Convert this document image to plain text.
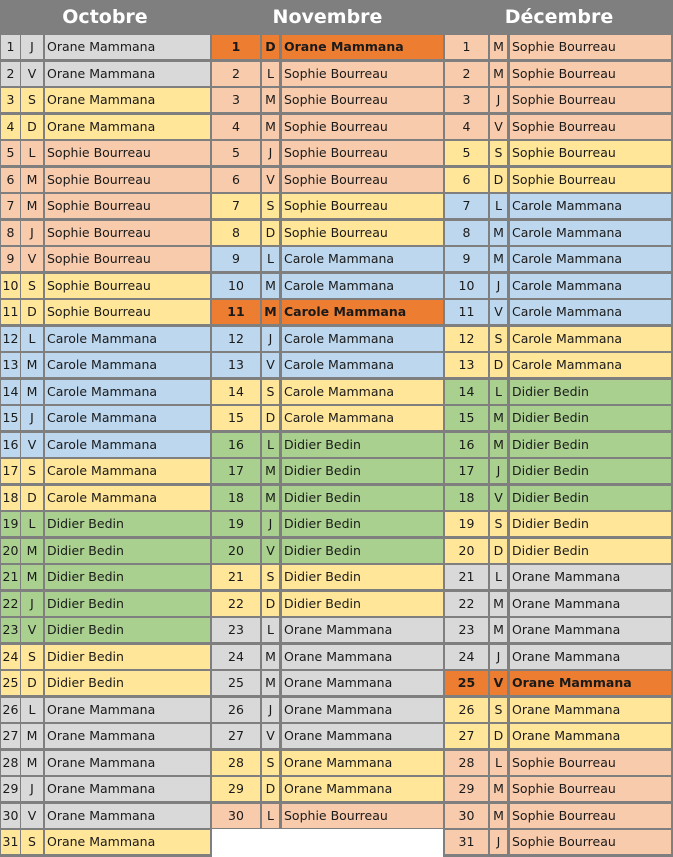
Octobre	Novembre	Décembre
1	J	Orane Mammana
2	V Orane Mammana
3	S Orane Mammana
4	D Orane Mammana
5	L Sophie Bourreau
6 M Sophie Bourreau
7 M Sophie Bourreau
8	J	Sophie Bourreau
9	V Sophie Bourreau
10 S Sophie Bourreau
11 D Sophie Bourreau
12 L Carole Mammana
13 M Carole Mammana
14 M Carole Mammana
15 J	Carole Mammana
16 V Carole Mammana
17 S Carole Mammana
18 D Carole Mammana
19 L Didier Bedin
20 M Didier Bedin
21 M Didier Bedin
22 J	Didier Bedin
23 V Didier Bedin
24 S Didier Bedin
25 D Didier Bedin
26 L Orane Mammana
27 M Orane Mammana
28 M Orane Mammana
29 J	Orane Mammana
30 V Orane Mammana
31 S Orane Mammana
1	D Orane Mammana
2	L Sophie Bourreau
3	M Sophie Bourreau
4	M Sophie Bourreau
5	J Sophie Bourreau
6	V Sophie Bourreau
7	S Sophie Bourreau
8	D Sophie Bourreau
9	L Carole Mammana
10	M Carole Mammana
11	M Carole Mammana
12	J Carole Mammana
13	V Carole Mammana
14	S Carole Mammana
15	D Carole Mammana
16	L Didier Bedin
17	M Didier Bedin
18	M Didier Bedin
19	J Didier Bedin
20	V Didier Bedin
21	S Didier Bedin
22	D Didier Bedin
23	L Orane Mammana
24	M Orane Mammana
25	M Orane Mammana
26	J Orane Mammana
27	V Orane Mammana
28	S Orane Mammana
29	D Orane Mammana
30	L Sophie Bourreau
1	M Sophie Bourreau
2	M Sophie Bourreau
3	J Sophie Bourreau
4	V Sophie Bourreau
5	S Sophie Bourreau
6	D Sophie Bourreau
7	L Carole Mammana
8	M Carole Mammana
9	M Carole Mammana
10	J Carole Mammana
11	V Carole Mammana
12	S Carole Mammana
13	D Carole Mammana
14	L Didier Bedin
15	M Didier Bedin
16	M Didier Bedin
17	J Didier Bedin
18	V Didier Bedin
19	S Didier Bedin
20	D Didier Bedin
21	L Orane Mammana
22	M Orane Mammana
23	M Orane Mammana
24	J Orane Mammana
25	V Orane Mammana
26	S Orane Mammana
27	D Orane Mammana
28	L Sophie Bourreau
29	M Sophie Bourreau
30	M Sophie Bourreau
31	J Sophie Bourreau
